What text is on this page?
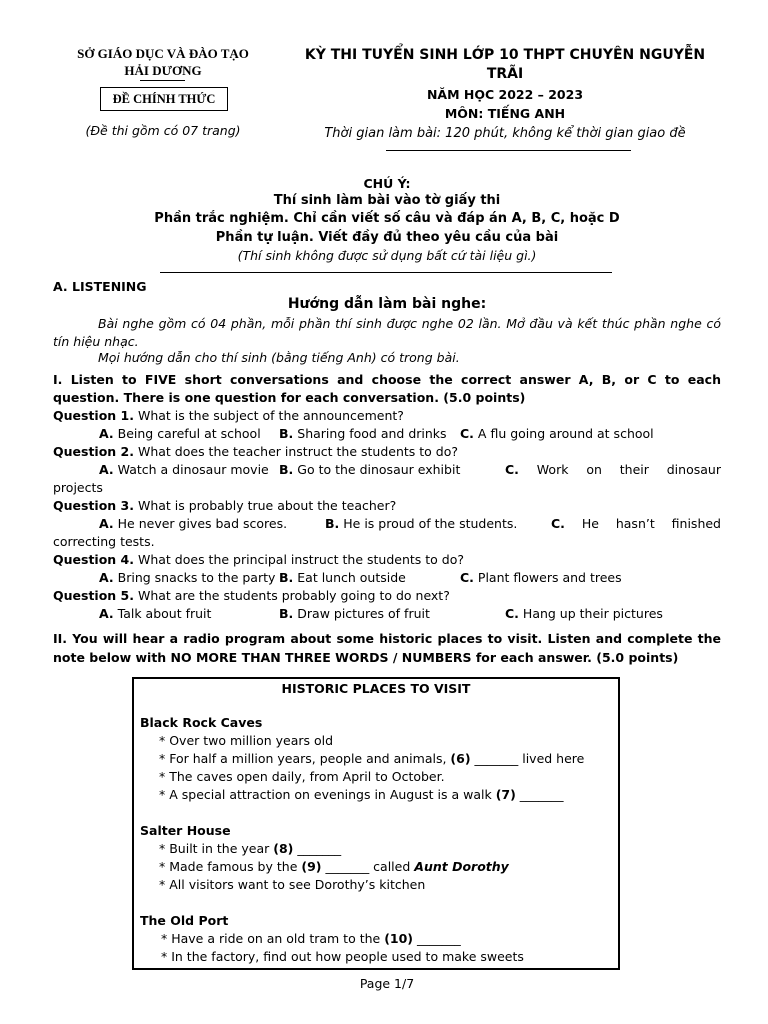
SỞ GIÁO DỤC VÀ ĐÀO TẠO
HẢI DƯƠNG
ĐỀ CHÍNH THỨC
(Đề thi gồm có 07 trang)
KỲ THI TUYỂN SINH LỚP 10 THPT CHUYÊN NGUYỄN
TRÃI
NĂM HỌC 2022 – 2023
MÔN: TIẾNG ANH
Thời gian làm bài: 120 phút, không kể thời gian giao đề
CHÚ Ý:
Thí sinh làm bài vào tờ giấy thi
Phần trắc nghiệm. Chỉ cần viết số câu và đáp án A, B, C, hoặc D
Phần tự luận. Viết đầy đủ theo yêu cầu của bài
(Thí sinh không được sử dụng bất cứ tài liệu gì.)
A. LISTENING
Hướng dẫn làm bài nghe:
Bài nghe gồm có 04 phần, mỗi phần thí sinh được nghe 02 lần. Mở đầu và kết thúc phần nghe có
tín hiệu nhạc.
Mọi hướng dẫn cho thí sinh (bằng tiếng Anh) có trong bài.
I. Listen to FIVE short conversations and choose the correct answer A, B, or C to each
question. There is one question for each conversation. (5.0 points)
Question 1. What is the subject of the announcement?
A. Being careful at school B. Sharing food and drinks C. A flu going around at school
Question 2. What does the teacher instruct the students to do?
A. Watch a dinosaur movie B. Go to the dinosaur exhibit	C. Work on their dinosaur
projects
Question 3. What is probably true about the teacher?
A. He never gives bad scores.	B. He is proud of the students.	C. He hasn’t finished
correcting tests.
Question 4. What does the principal instruct the students to do?
A. Bring snacks to the party B. Eat lunch outside	C. Plant flowers and trees
Question 5. What are the students probably going to do next?
A. Talk about fruit	B. Draw pictures of fruit	C. Hang up their pictures
II. You will hear a radio program about some historic places to visit. Listen and complete the
note below with NO MORE THAN THREE WORDS / NUMBERS for each answer. (5.0 points)
HISTORIC PLACES TO VISIT
Black Rock Caves
* Over two million years old
* For half a million years, people and animals, (6) _______ lived here
* The caves open daily, from April to October.
* A special attraction on evenings in August is a walk (7) _______
Salter House
* Built in the year (8) _______
* Made famous by the (9) _______ called Aunt Dorothy
* All visitors want to see Dorothy’s kitchen
The Old Port
* Have a ride on an old tram to the (10) _______
* In the factory, find out how people used to make sweets
Page 1/7
